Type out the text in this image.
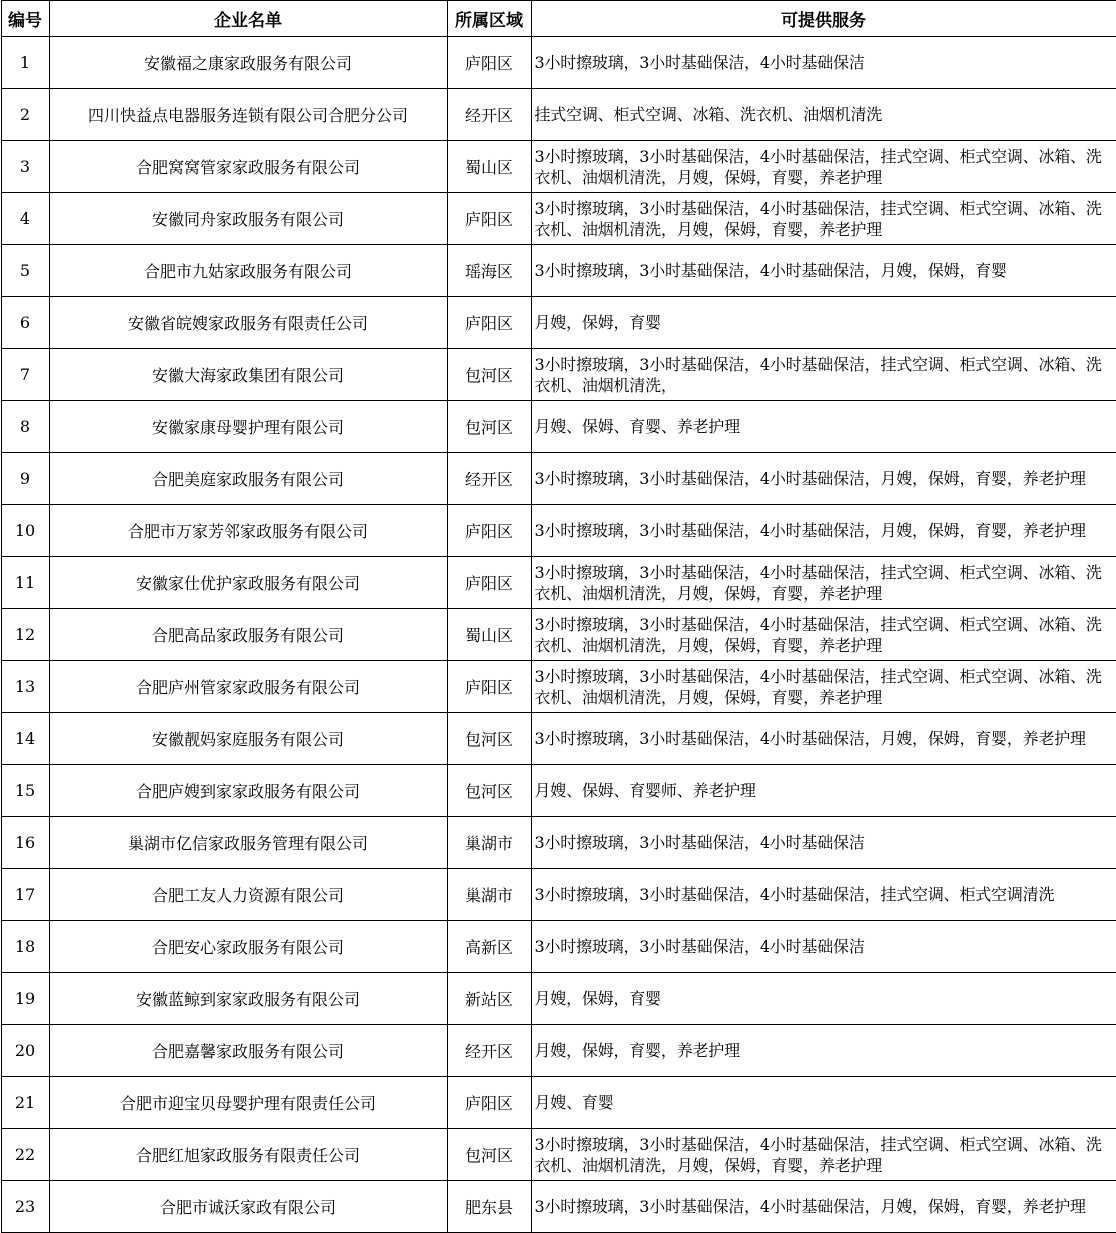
编号	企业名单	所属区域	可提供服务
1	安徽福之康家政服务有限公司	庐阳区	3小时擦玻璃，3小时基础保洁，4小时基础保洁
2	四川快益点电器服务连锁有限公司合肥分公司	经开区	挂式空调、柜式空调、冰箱、洗衣机、油烟机清洗
3	合肥窝窝管家家政服务有限公司	蜀山区	3小时擦玻璃，3小时基础保洁，4小时基础保洁，挂式空调、柜式空调、冰箱、洗衣机、油烟机清洗，月嫂，保姆，育婴，养老护理
4	安徽同舟家政服务有限公司	庐阳区	3小时擦玻璃，3小时基础保洁，4小时基础保洁，挂式空调、柜式空调、冰箱、洗衣机、油烟机清洗，月嫂，保姆，育婴，养老护理
5	合肥市九姑家政服务有限公司	瑶海区	3小时擦玻璃，3小时基础保洁，4小时基础保洁，月嫂，保姆，育婴
6	安徽省皖嫂家政服务有限责任公司	庐阳区	月嫂，保姆，育婴
7	安徽大海家政集团有限公司	包河区	3小时擦玻璃，3小时基础保洁，4小时基础保洁，挂式空调、柜式空调、冰箱、洗衣机、油烟机清洗，
8	安徽家康母婴护理有限公司	包河区	月嫂、保姆、育婴、养老护理
9	合肥美庭家政服务有限公司	经开区	3小时擦玻璃，3小时基础保洁，4小时基础保洁，月嫂，保姆，育婴，养老护理
10	合肥市万家芳邻家政服务有限公司	庐阳区	3小时擦玻璃，3小时基础保洁，4小时基础保洁，月嫂，保姆，育婴，养老护理
11	安徽家仕优护家政服务有限公司	庐阳区	3小时擦玻璃，3小时基础保洁，4小时基础保洁，挂式空调、柜式空调、冰箱、洗衣机、油烟机清洗，月嫂，保姆，育婴，养老护理
12	合肥高品家政服务有限公司	蜀山区	3小时擦玻璃，3小时基础保洁，4小时基础保洁，挂式空调、柜式空调、冰箱、洗衣机、油烟机清洗，月嫂，保姆，育婴，养老护理
13	合肥庐州管家家政服务有限公司	庐阳区	3小时擦玻璃，3小时基础保洁，4小时基础保洁，挂式空调、柜式空调、冰箱、洗衣机、油烟机清洗，月嫂，保姆，育婴，养老护理
14	安徽靓妈家庭服务有限公司	包河区	3小时擦玻璃，3小时基础保洁，4小时基础保洁，月嫂，保姆，育婴，养老护理
15	合肥庐嫂到家家政服务有限公司	包河区	月嫂、保姆、育婴师、养老护理
16	巢湖市亿信家政服务管理有限公司	巢湖市	3小时擦玻璃，3小时基础保洁，4小时基础保洁
17	合肥工友人力资源有限公司	巢湖市	3小时擦玻璃，3小时基础保洁，4小时基础保洁，挂式空调、柜式空调清洗
18	合肥安心家政服务有限公司	高新区	3小时擦玻璃，3小时基础保洁，4小时基础保洁
19	安徽蓝鲸到家家政服务有限公司	新站区	月嫂，保姆，育婴
20	合肥嘉馨家政服务有限公司	经开区	月嫂，保姆，育婴，养老护理
21	合肥市迎宝贝母婴护理有限责任公司	庐阳区	月嫂、育婴
22	合肥红旭家政服务有限责任公司	包河区	3小时擦玻璃，3小时基础保洁，4小时基础保洁，挂式空调、柜式空调、冰箱、洗衣机、油烟机清洗，月嫂，保姆，育婴，养老护理
23	合肥市诚沃家政有限公司	肥东县	3小时擦玻璃，3小时基础保洁，4小时基础保洁，月嫂，保姆，育婴，养老护理
